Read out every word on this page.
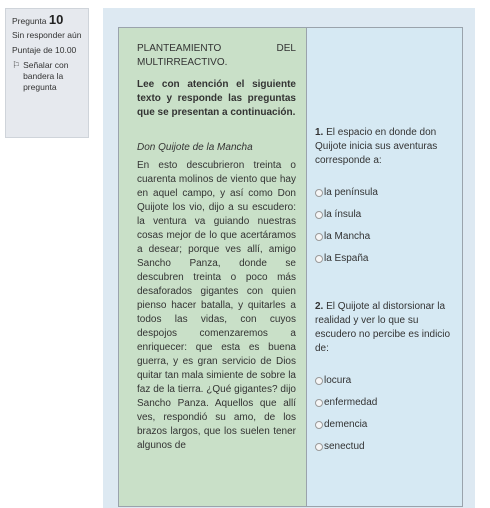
Pregunta 10
Sin responder aún
Puntaje de 10.00
⚐ Señalar con bandera la pregunta
PLANTEAMIENTO DEL MULTIRREACTIVO.
Lee con atención el siguiente texto y responde las preguntas que se presentan a continuación.
Don Quijote de la Mancha
En esto descubrieron treinta o cuarenta molinos de viento que hay en aquel campo, y así como Don Quijote los vio, dijo a su escudero: la ventura va guiando nuestras cosas mejor de lo que acertáramos a desear; porque ves allí, amigo Sancho Panza, donde se descubren treinta o poco más desaforados gigantes con quien pienso hacer batalla, y quitarles a todos las vidas, con cuyos despojos comenzaremos a enriquecer: que esta es buena guerra, y es gran servicio de Dios quitar tan mala simiente de sobre la faz de la tierra. ¿Qué gigantes? dijo Sancho Panza. Aquellos que allí ves, respondió su amo, de los brazos largos, que los suelen tener algunos de
1. El espacio en donde don Quijote inicia sus aventuras corresponde a:
la península
la ínsula
la Mancha
la España
2. El Quijote al distorsionar la realidad y ver lo que su escudero no percibe es indicio de:
locura
enfermedad
demencia
senectud
